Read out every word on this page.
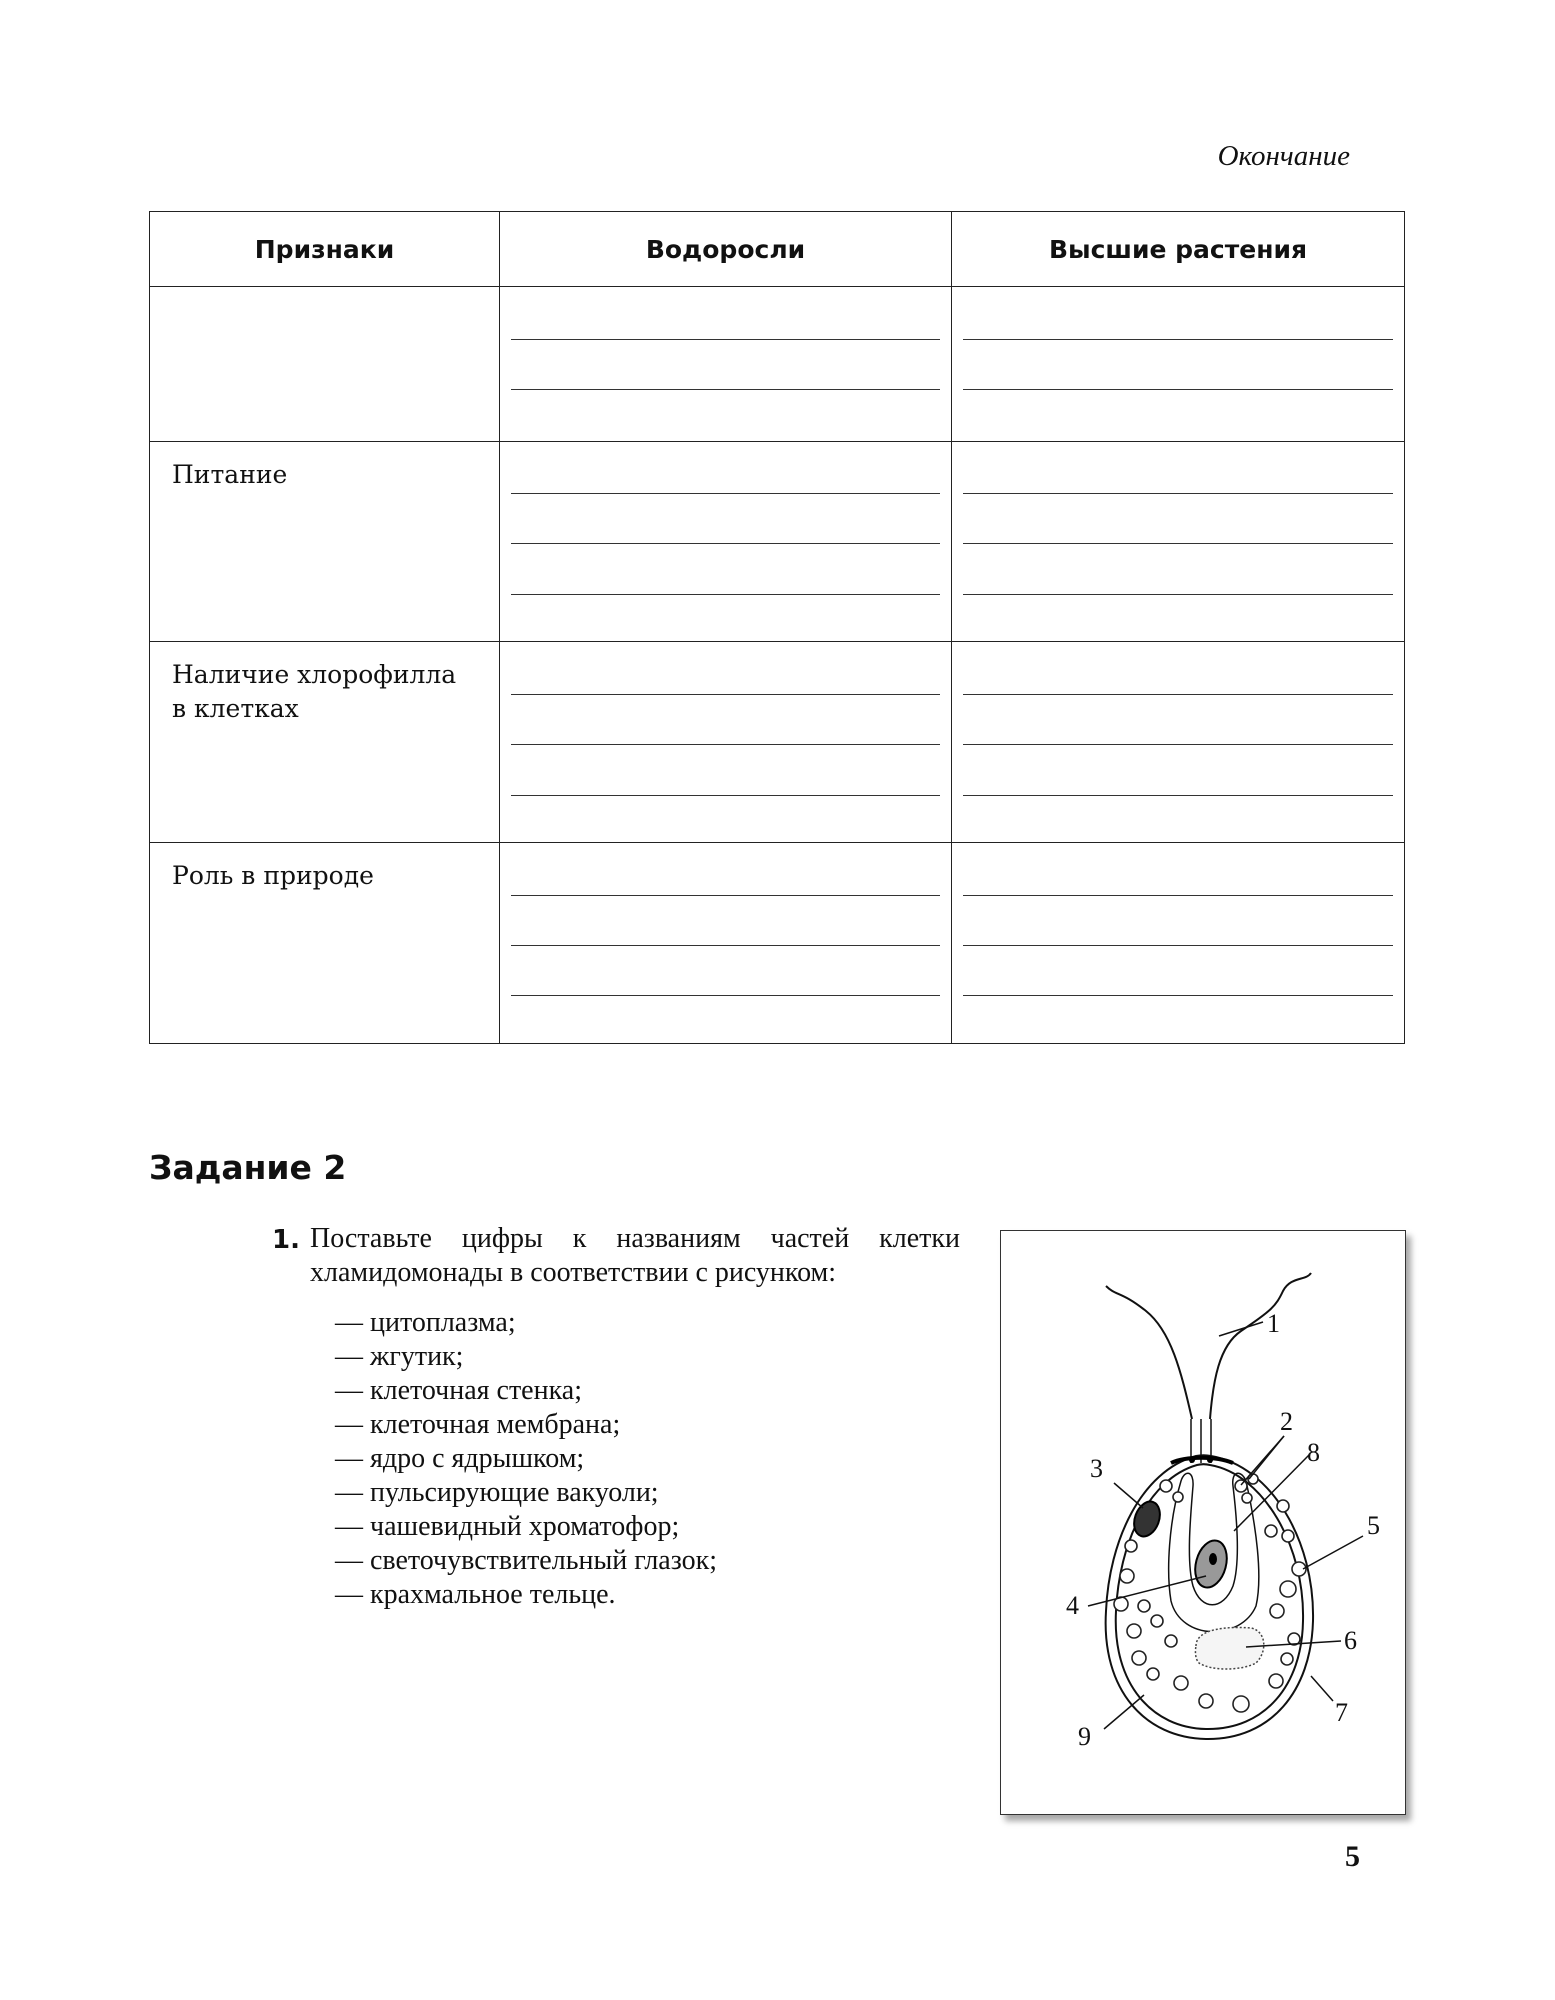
Окончание
Признаки	Водоросли	Высшие растения

Питание		

Наличие хлорофилла
в клетках		

Роль в природе		

Задание 2
1. Поставьте цифры к названиям частей клетки хламидомонады в соответствии с рисунком:
— цитоплазма;
— жгутик;
— клеточная стенка;
— клеточная мембрана;
— ядро с ядрышком;
— пульсирующие вакуоли;
— чашевидный хроматофор;
— светочувствительный глазок;
— крахмальное тельце.
1
2
3
4
5
6
7
8
9
5
